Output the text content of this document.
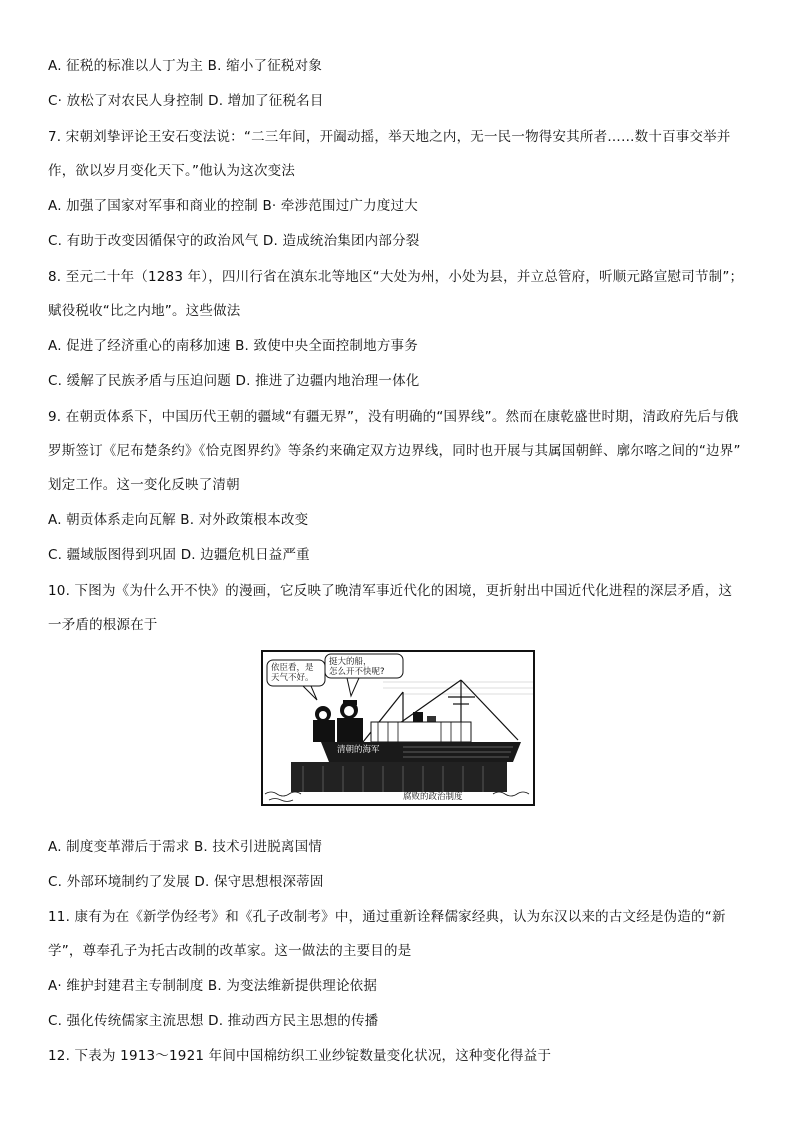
A. 征税的标准以人丁为主 B. 缩小了征税对象
C· 放松了对农民人身控制 D. 增加了征税名目
7. 宋朝刘挚评论王安石变法说：“二三年间，开阖动摇，举天地之内，无一民一物得安其所者……数十百事交举并
作，欲以岁月变化天下。”他认为这次变法
A. 加强了国家对军事和商业的控制 B· 牵涉范围过广力度过大
C. 有助于改变因循保守的政治风气 D. 造成统治集团内部分裂
8. 至元二十年（1283 年），四川行省在滇东北等地区“大处为州，小处为县，并立总管府，听顺元路宣慰司节制”；
赋役税收“比之内地”。这些做法
A. 促进了经济重心的南移加速 B. 致使中央全面控制地方事务
C. 缓解了民族矛盾与压迫问题 D. 推进了边疆内地治理一体化
9. 在朝贡体系下，中国历代王朝的疆域“有疆无界”，没有明确的“国界线”。然而在康乾盛世时期，清政府先后与俄
罗斯签订《尼布楚条约》《恰克图界约》等条约来确定双方边界线，同时也开展与其属国朝鲜、廓尔喀之间的“边界”
划定工作。这一变化反映了清朝
A. 朝贡体系走向瓦解 B. 对外政策根本改变
C. 疆域版图得到巩固 D. 边疆危机日益严重
10. 下图为《为什么开不快》的漫画，它反映了晚清军事近代化的困境，更折射出中国近代化进程的深层矛盾，这
一矛盾的根源在于
依臣看，是
天气不好。
挺大的船，
怎么开不快呢?
清朝的海军
腐败的政治制度
A. 制度变革滞后于需求 B. 技术引进脱离国情
C. 外部环境制约了发展 D. 保守思想根深蒂固
11. 康有为在《新学伪经考》和《孔子改制考》中，通过重新诠释儒家经典，认为东汉以来的古文经是伪造的“新
学”，尊奉孔子为托古改制的改革家。这一做法的主要目的是
A· 维护封建君主专制制度 B. 为变法维新提供理论依据
C. 强化传统儒家主流思想 D. 推动西方民主思想的传播
12. 下表为 1913～1921 年间中国棉纺织工业纱锭数量变化状况，这种变化得益于
